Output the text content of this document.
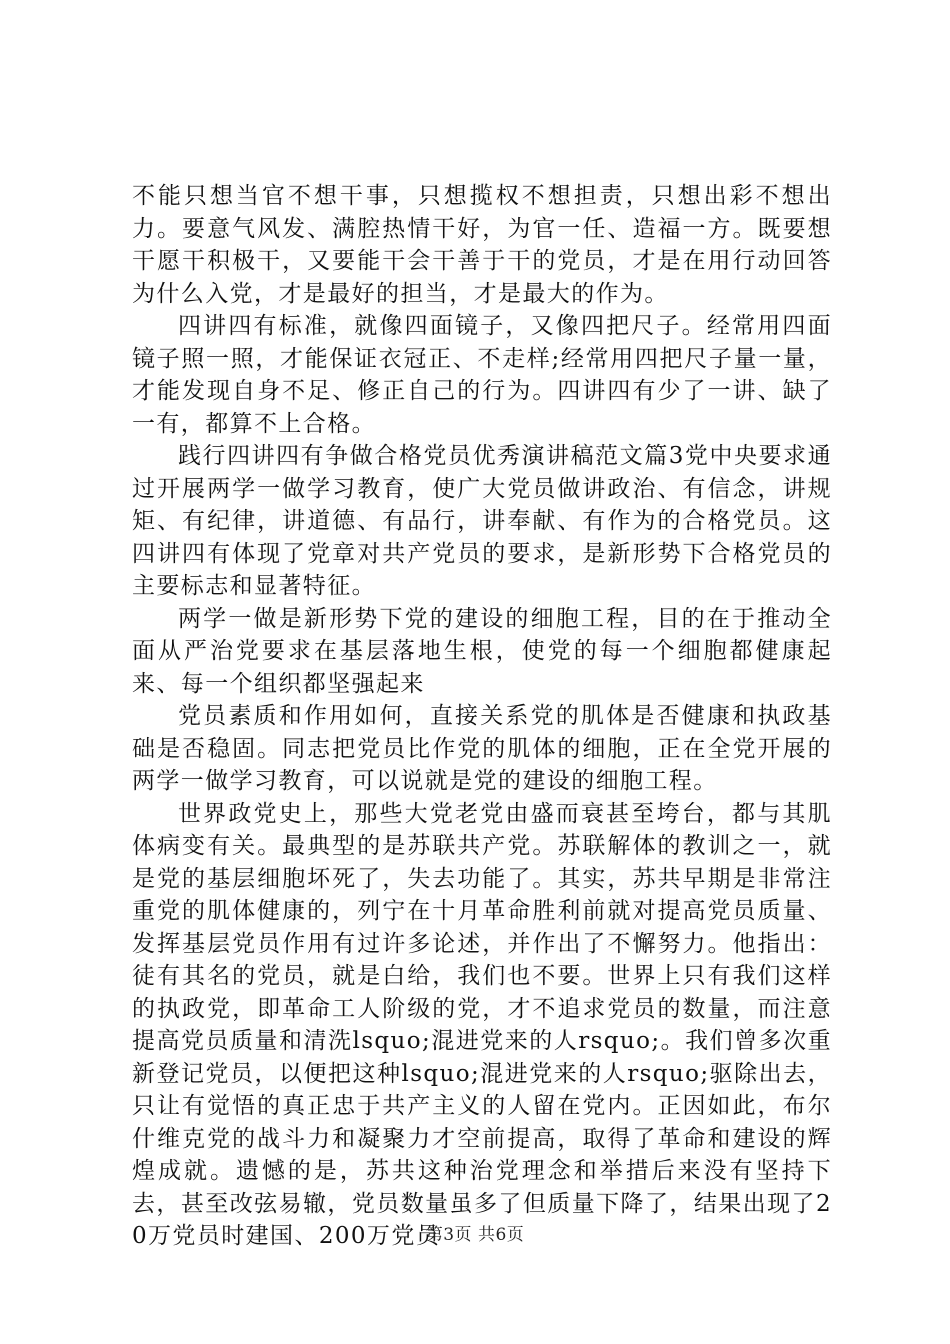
不能只想当官不想干事，只想揽权不想担责，只想出彩不想出力。要意气风发、满腔热情干好，为官一任、造福一方。既要想干愿干积极干，又要能干会干善于干的党员，才是在用行动回答为什么入党，才是最好的担当，才是最大的作为。

四讲四有标准，就像四面镜子，又像四把尺子。经常用四面镜子照一照，才能保证衣冠正、不走样;经常用四把尺子量一量，才能发现自身不足、修正自己的行为。四讲四有少了一讲、缺了一有，都算不上合格。

践行四讲四有争做合格党员优秀演讲稿范文篇3党中央要求通过开展两学一做学习教育，使广大党员做讲政治、有信念，讲规矩、有纪律，讲道德、有品行，讲奉献、有作为的合格党员。这四讲四有体现了党章对共产党员的要求，是新形势下合格党员的主要标志和显著特征。

两学一做是新形势下党的建设的细胞工程，目的在于推动全面从严治党要求在基层落地生根，使党的每一个细胞都健康起来、每一个组织都坚强起来

党员素质和作用如何，直接关系党的肌体是否健康和执政基础是否稳固。同志把党员比作党的肌体的细胞，正在全党开展的两学一做学习教育，可以说就是党的建设的细胞工程。

世界政党史上，那些大党老党由盛而衰甚至垮台，都与其肌体病变有关。最典型的是苏联共产党。苏联解体的教训之一，就是党的基层细胞坏死了，失去功能了。其实，苏共早期是非常注重党的肌体健康的，列宁在十月革命胜利前就对提高党员质量、发挥基层党员作用有过许多论述，并作出了不懈努力。他指出：徒有其名的党员，就是白给，我们也不要。世界上只有我们这样的执政党，即革命工人阶级的党，才不追求党员的数量，而注意提高党员质量和清洗lsquo;混进党来的人rsquo;。我们曾多次重新登记党员，以便把这种lsquo;混进党来的人rsquo;驱除出去，只让有觉悟的真正忠于共产主义的人留在党内。正因如此，布尔什维克党的战斗力和凝聚力才空前提高，取得了革命和建设的辉煌成就。遗憾的是，苏共这种治党理念和举措后来没有坚持下去，甚至改弦易辙，党员数量虽多了但质量下降了，结果出现了20万党员时建国、200万党员

第3页 共6页
